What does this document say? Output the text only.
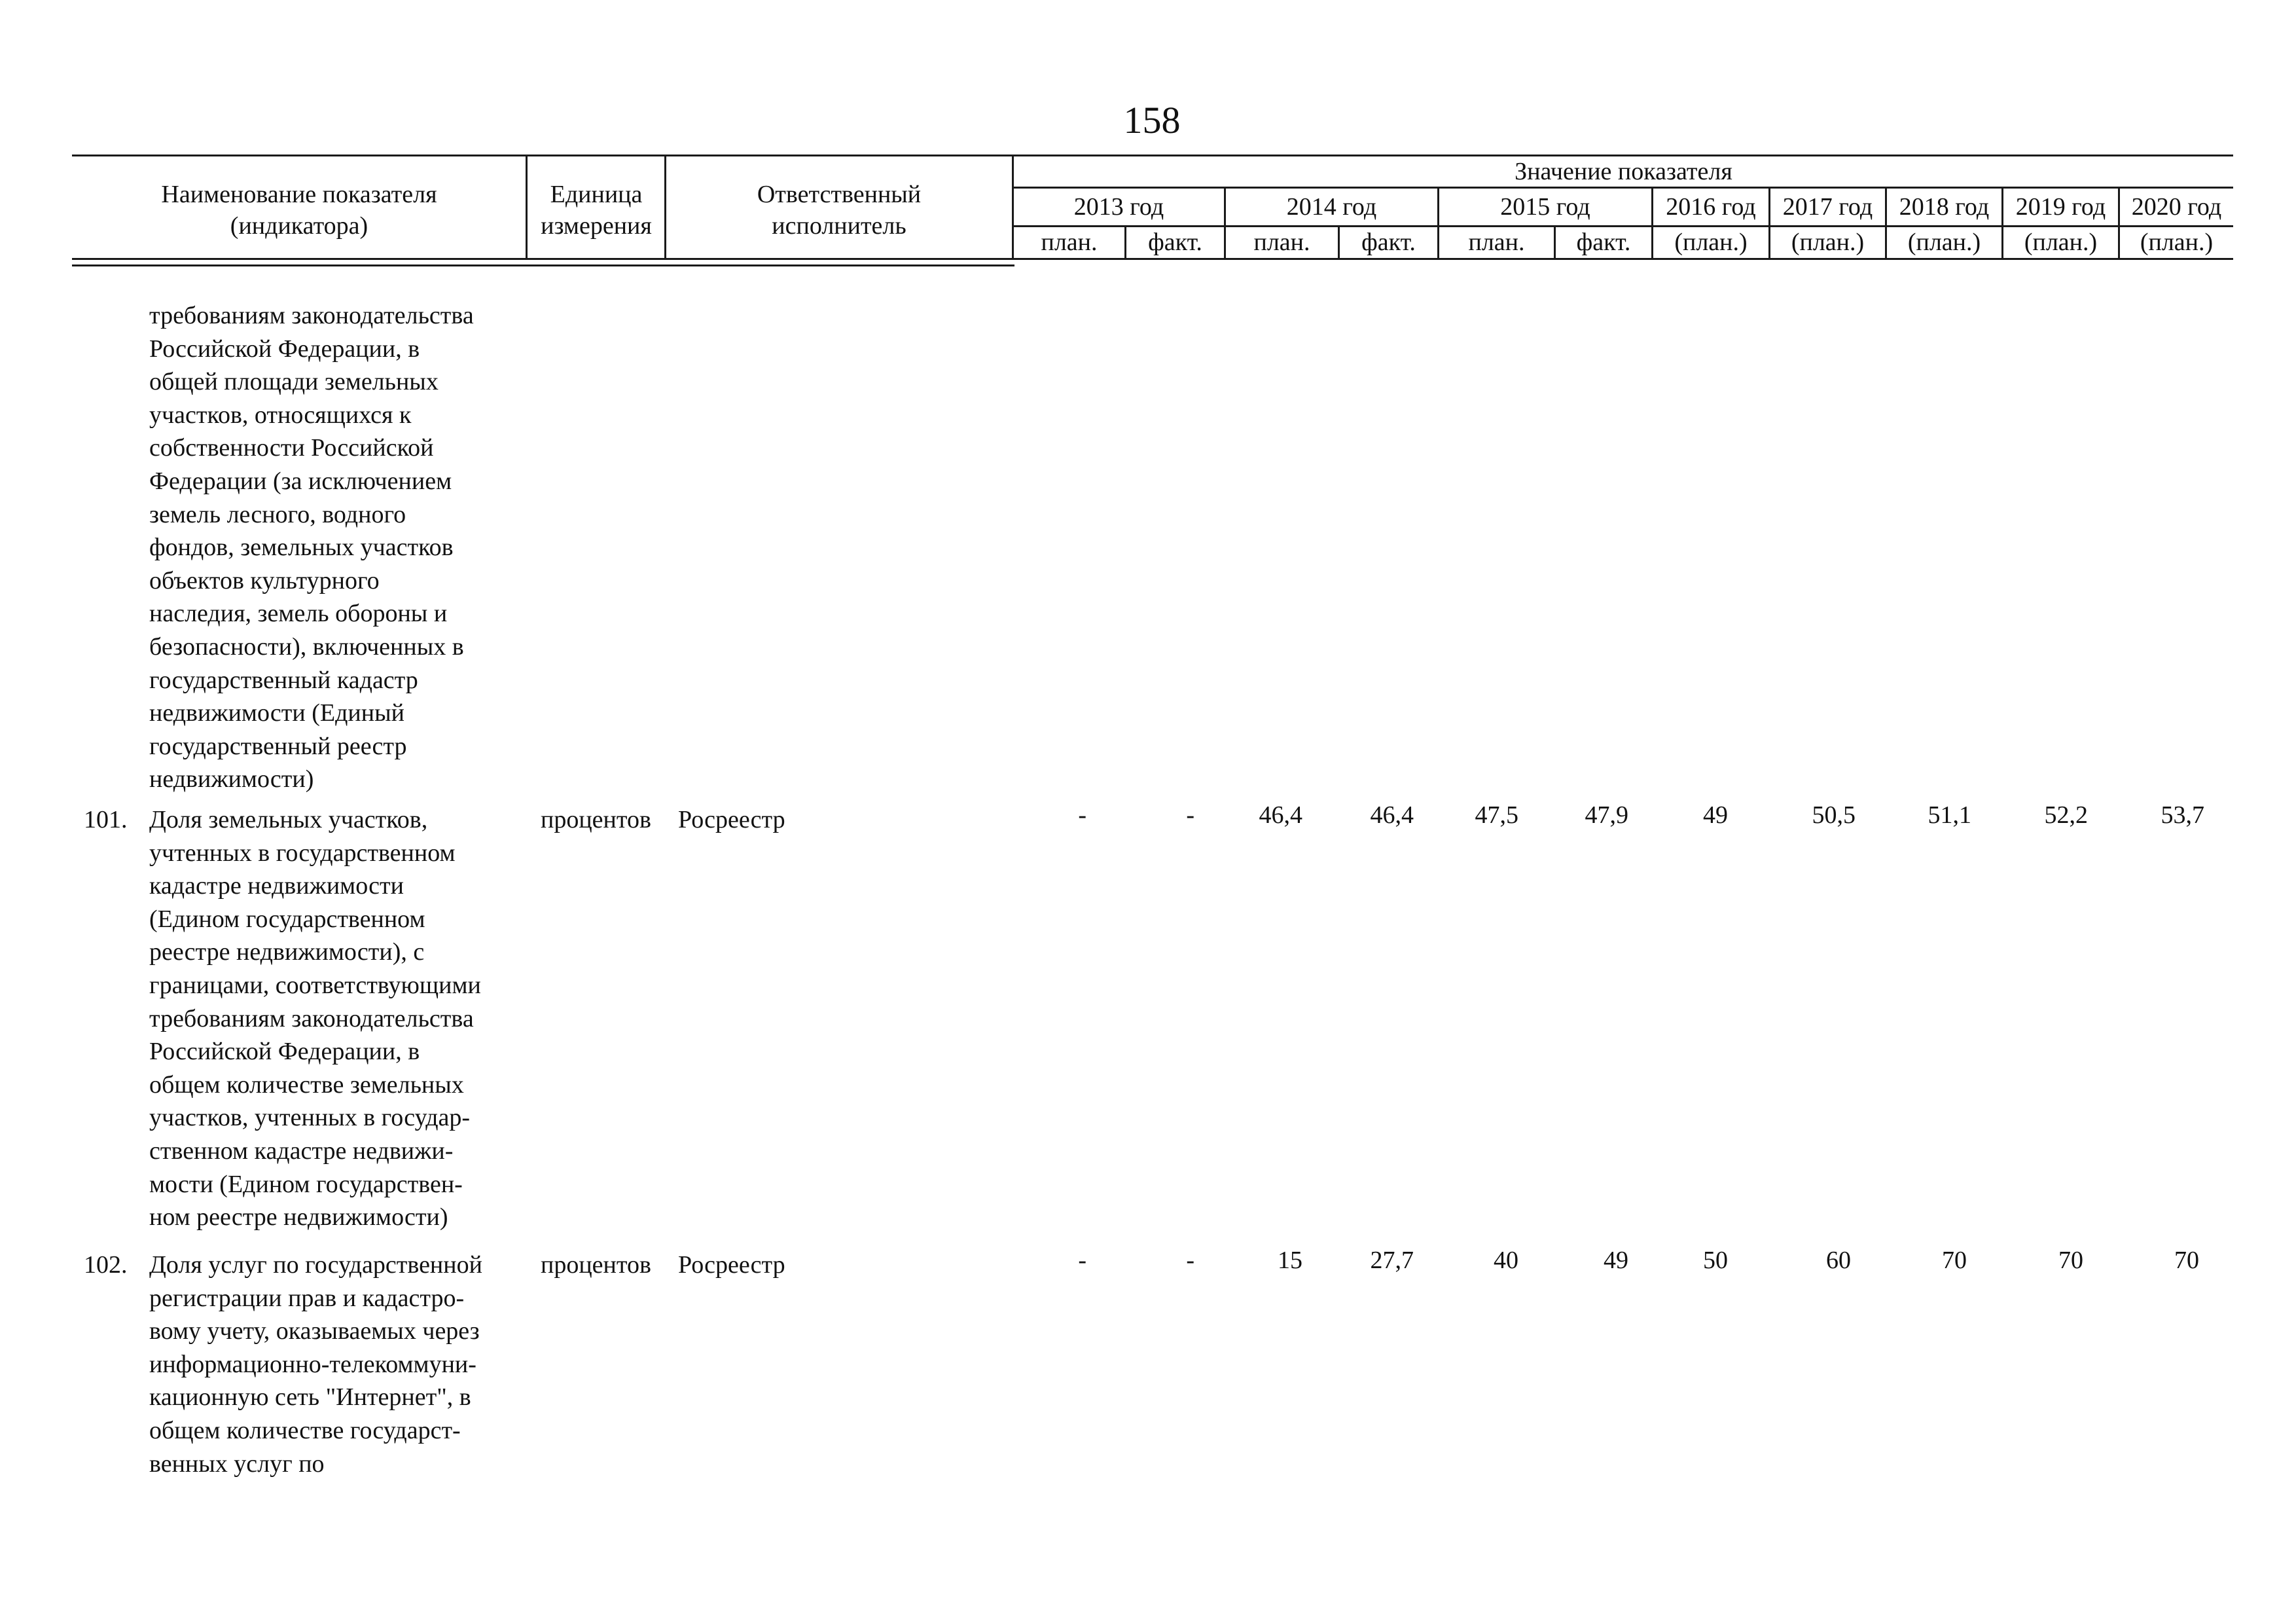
158
Наименование показателя
(индикатора)
Единица
измерения
Ответственный
исполнитель
Значение показателя
2013 год	2014 год	2015 год	2016 год	2017 год	2018 год	2019 год	2020 год
план.	факт.	план.	факт.	план.	факт.	(план.)	(план.)	(план.)	(план.)	(план.)
требованиям законодательства
Российской Федерации, в
общей площади земельных
участков, относящихся к
собственности Российской
Федерации (за исключением
земель лесного, водного
фондов, земельных участков
объектов культурного
наследия, земель обороны и
безопасности), включенных в
государственный кадастр
недвижимости (Единый
государственный реестр
недвижимости)
101. Доля земельных участков,
учтенных в государственном
кадастре недвижимости
(Едином государственном
реестре недвижимости), с
границами, соответствующими
требованиям законодательства
Российской Федерации, в
общем количестве земельных
участков, учтенных в государ-
ственном кадастре недвижи-
мости (Едином государствен-
ном реестре недвижимости)
процентов Росреестр	-	-	46,4	46,4	47,5	47,9	49	50,5	51,1	52,2	53,7
102. Доля услуг по государственной
регистрации прав и кадастро-
вому учету, оказываемых через
информационно-телекоммуни-
кационную сеть "Интернет", в
общем количестве государст-
венных услуг по
процентов Росреестр	-	-	15	27,7	40	49	50	60	70	70	70
